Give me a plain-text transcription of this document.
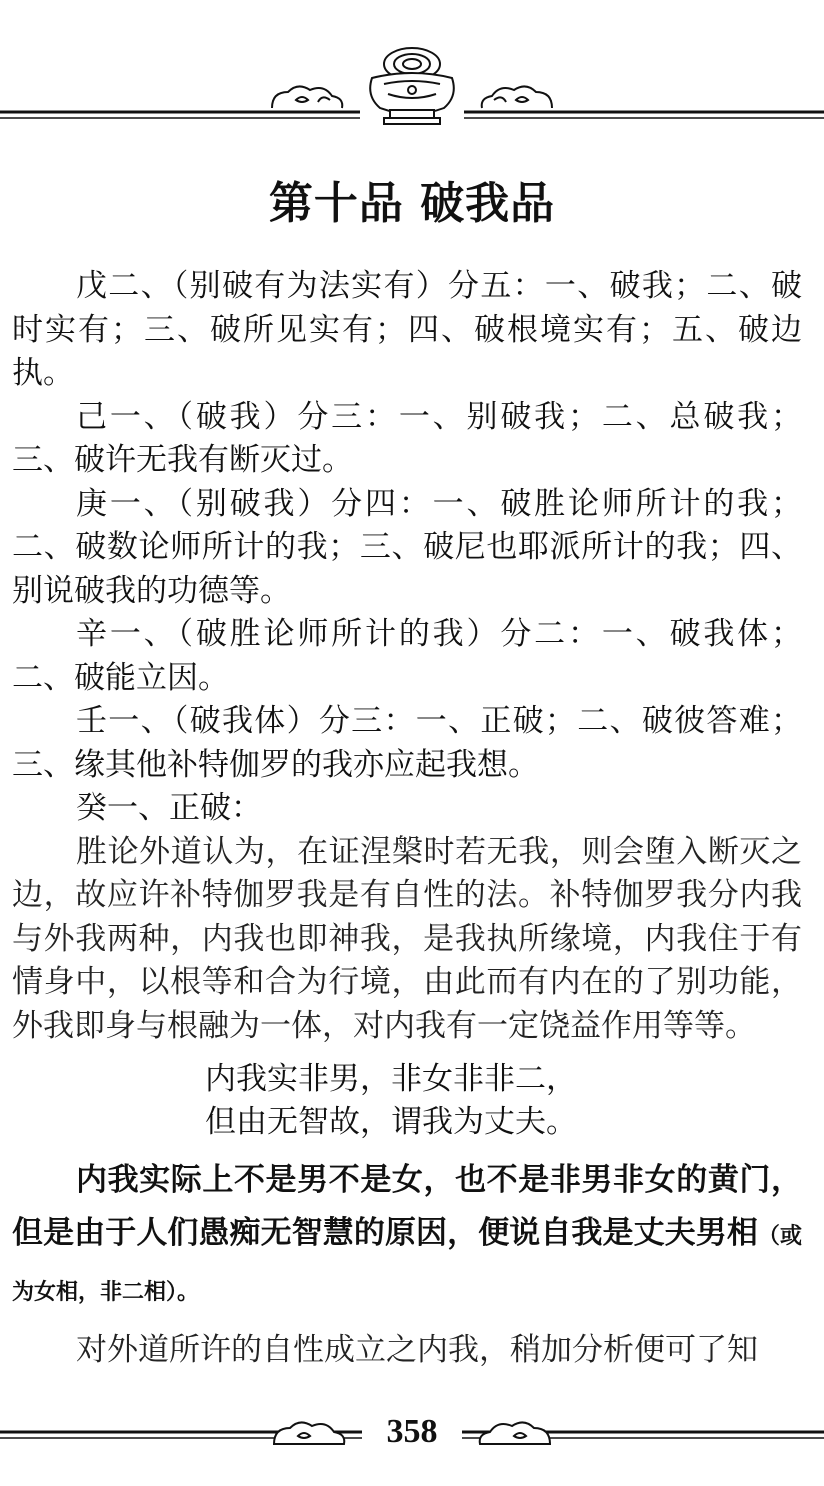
第十品 破我品

戊二、（别破有为法实有）分五：一、破我；二、破时实有；三、破所见实有；四、破根境实有；五、破边执。

己一、（破我）分三：一、别破我；二、总破我；三、破许无我有断灭过。

庚一、（别破我）分四：一、破胜论师所计的我；二、破数论师所计的我；三、破尼也耶派所计的我；四、别说破我的功德等。

辛一、（破胜论师所计的我）分二：一、破我体；二、破能立因。

壬一、（破我体）分三：一、正破；二、破彼答难；三、缘其他补特伽罗的我亦应起我想。

癸一、正破：

胜论外道认为，在证涅槃时若无我，则会堕入断灭之边，故应许补特伽罗我是有自性的法。补特伽罗我分内我与外我两种，内我也即神我，是我执所缘境，内我住于有情身中，以根等和合为行境，由此而有内在的了别功能，外我即身与根融为一体，对内我有一定饶益作用等等。

内我实非男，非女非非二，
但由无智故，谓我为丈夫。

内我实际上不是男不是女，也不是非男非女的黄门，但是由于人们愚痴无智慧的原因，便说自我是丈夫男相（或为女相，非二相）。

对外道所许的自性成立之内我，稍加分析便可了知

358
